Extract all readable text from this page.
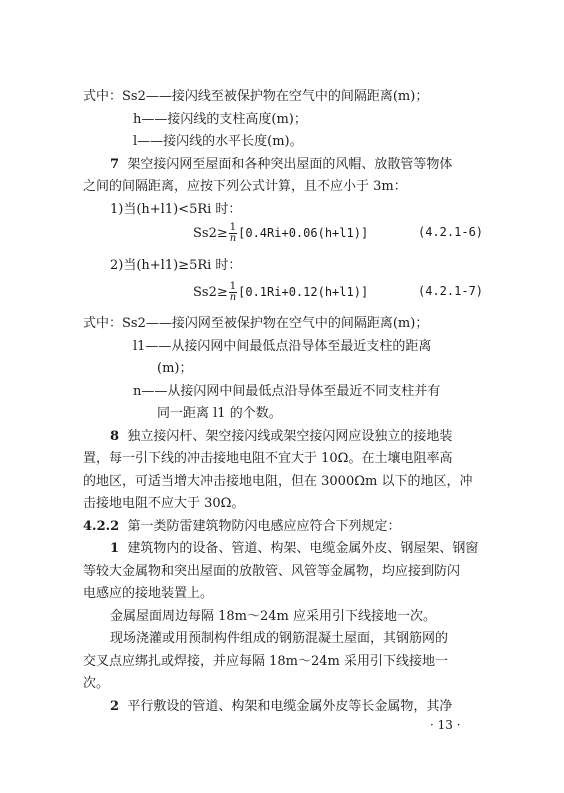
式中：Ss2——接闪线至被保护物在空气中的间隔距离(m)；
h——接闪线的支柱高度(m)；
l——接闪线的水平长度(m)。
7 架空接闪网至屋面和各种突出屋面的风帽、放散管等物体
之间的间隔距离，应按下列公式计算，且不应小于 3m：
1)当(h+l1)<5Ri 时：
$Ss2\ge \frac{1}{n} [0.4Ri+0.06(h+l1)]$	(4.2.1-6)
2)当(h+l1)≥5Ri 时：
$Ss2\ge \frac{1}{n} [0.1Ri+0.12(h+l1)]$	(4.2.1-7)
式中：Ss2——接闪网至被保护物在空气中的间隔距离(m)；
l1——从接闪网中间最低点沿导体至最近支柱的距离
(m)；
n——从接闪网中间最低点沿导体至最近不同支柱并有
同一距离 l1 的个数。
8 独立接闪杆、架空接闪线或架空接闪网应设独立的接地装
置，每一引下线的冲击接地电阻不宜大于 10Ω。在土壤电阻率高
的地区，可适当增大冲击接地电阻，但在 3000Ωm 以下的地区，冲
击接地电阻不应大于 30Ω。
4.2.2 第一类防雷建筑物防闪电感应应符合下列规定：
1 建筑物内的设备、管道、构架、电缆金属外皮、钢屋架、钢窗
等较大金属物和突出屋面的放散管、风管等金属物，均应接到防闪
电感应的接地装置上。
金属屋面周边每隔 18m～24m 应采用引下线接地一次。
现场浇灌或用预制构件组成的钢筋混凝土屋面，其钢筋网的
交叉点应绑扎或焊接，并应每隔 18m～24m 采用引下线接地一
次。
2 平行敷设的管道、构架和电缆金属外皮等长金属物，其净
· 13 ·
